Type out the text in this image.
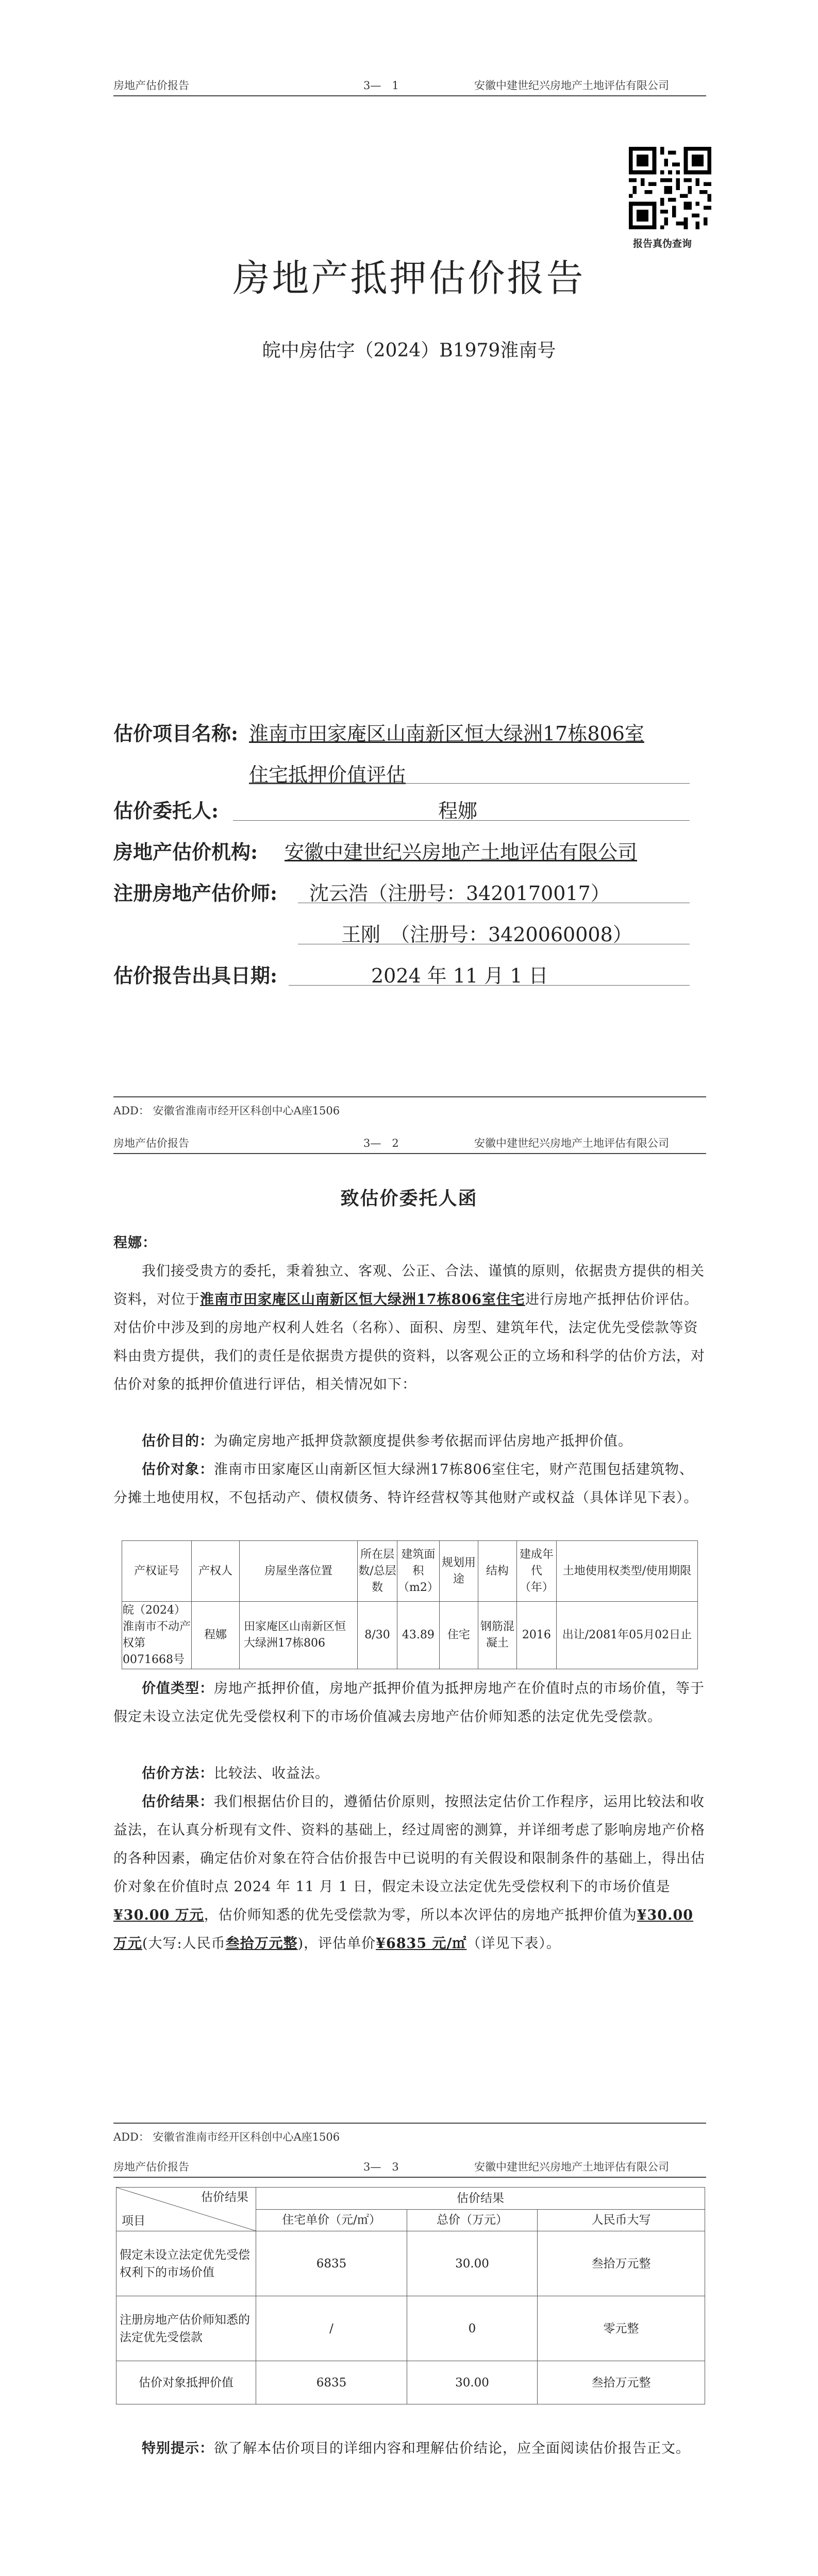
房地产估价报告	3—　1	安徽中建世纪兴房地产土地评估有限公司
报告真伪查询
房地产抵押估价报告
皖中房估字（2024）B1979淮南号
估价项目名称: 淮南市田家庵区山南新区恒大绿洲17栋806室
住宅抵押价值评估
估价委托人:	程娜
房地产估价机构: 安徽中建世纪兴房地产土地评估有限公司
注册房地产估价师: 沈云浩（注册号：3420170017）
王刚　（注册号：3420060008）
估价报告出具日期:	2024 年 11 月 1 日
ADD： 安徽省淮南市经开区科创中心A座1506
房地产估价报告	3—　2	安徽中建世纪兴房地产土地评估有限公司
致估价委托人函
程娜：
我们接受贵方的委托，秉着独立、客观、公正、合法、谨慎的原则，依据贵方提供的相关资料，对位于淮南市田家庵区山南新区恒大绿洲17栋806室住宅进行房地产抵押估价评估。对估价中涉及到的房地产权利人姓名（名称）、面积、房型、建筑年代，法定优先受偿款等资料由贵方提供，我们的责任是依据贵方提供的资料，以客观公正的立场和科学的估价方法，对估价对象的抵押价值进行评估，相关情况如下：
估价目的：为确定房地产抵押贷款额度提供参考依据而评估房地产抵押价值。
估价对象：淮南市田家庵区山南新区恒大绿洲17栋806室住宅，财产范围包括建筑物、分摊土地使用权，不包括动产、债权债务、特许经营权等其他财产或权益（具体详见下表）。
产权证号	产权人	房屋坐落位置	所在层数/总层数	建筑面积（m2）	规划用途	结构	建成年代（年）	土地使用权类型/使用期限
皖（2024）淮南市不动产权第0071668号	程娜	田家庵区山南新区恒大绿洲17栋806	8/30	43.89	住宅	钢筋混凝土	2016	出让/2081年05月02日止
价值类型：房地产抵押价值，房地产抵押价值为抵押房地产在价值时点的市场价值，等于假定未设立法定优先受偿权利下的市场价值减去房地产估价师知悉的法定优先受偿款。
估价方法：比较法、收益法。
估价结果：我们根据估价目的，遵循估价原则，按照法定估价工作程序，运用比较法和收益法，在认真分析现有文件、资料的基础上，经过周密的测算，并详细考虑了影响房地产价格的各种因素，确定估价对象在符合估价报告中已说明的有关假设和限制条件的基础上，得出估价对象在价值时点 2024 年 11 月 1 日，假定未设立法定优先受偿权利下的市场价值是¥30.00 万元，估价师知悉的优先受偿款为零，所以本次评估的房地产抵押价值为¥30.00 万元(大写:人民币叁拾万元整)，评估单价¥6835 元/㎡（详见下表）。
ADD： 安徽省淮南市经开区科创中心A座1506
房地产估价报告	3—　3	安徽中建世纪兴房地产土地评估有限公司
估价结果
项目	估价结果		
	住宅单价（元/㎡）	总价（万元）	人民币大写
假定未设立法定优先受偿权利下的市场价值	6835	30.00	叁拾万元整
注册房地产估价师知悉的法定优先受偿款	/	0	零元整
估价对象抵押价值	6835	30.00	叁拾万元整
特别提示：欲了解本估价项目的详细内容和理解估价结论，应全面阅读估价报告正文。
